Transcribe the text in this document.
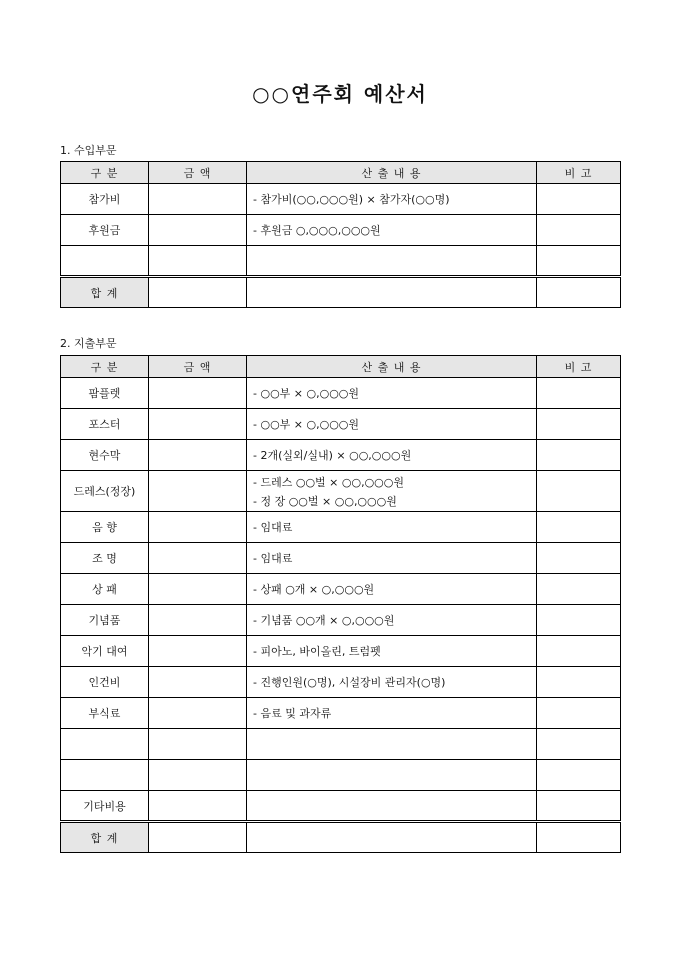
○○연주회 예산서
1. 수입부문
구 분	금 액	산 출 내 용	비 고
참가비		- 참가비(○○,○○○원) × 참가자(○○명)	
후원금		- 후원금 ○,○○○,○○○원	

합 계			
2. 지출부문
구 분	금 액	산 출 내 용	비 고
팜플렛		- ○○부 × ○,○○○원	
포스터		- ○○부 × ○,○○○원	
현수막		- 2개(실외/실내) × ○○,○○○원	
드레스(정장)		- 드레스 ○○벌 × ○○,○○○원
- 정 장 ○○벌 × ○○,○○○원	

음 향		- 임대료	
조 명		- 임대료	
상 패		- 상패 ○개 × ○,○○○원	
기념품		- 기념품 ○○개 × ○,○○○원	
악기 대여		- 피아노, 바이올린, 트럼펫	
인건비		- 진행인원(○명), 시설장비 관리자(○명)	
부식료		- 음료 및 과자류	

기타비용			
합 계			
